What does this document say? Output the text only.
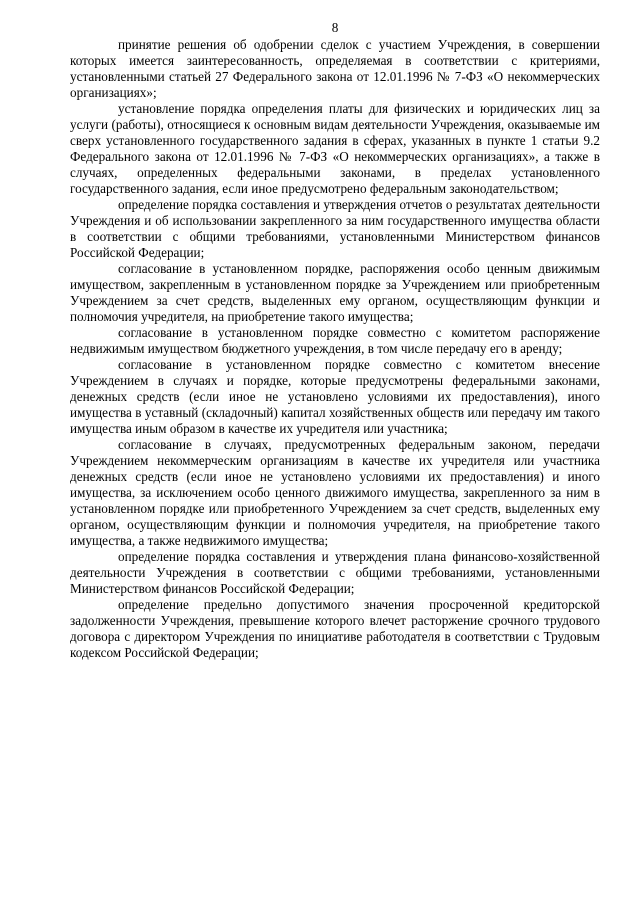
8

принятие решения об одобрении сделок с участием Учреждения, в совершении которых имеется заинтересованность, определяемая в соответствии с критериями, установленными статьей 27 Федерального закона от 12.01.1996 № 7-ФЗ «О некоммерческих организациях»;

установление порядка определения платы для физических и юридических лиц за услуги (работы), относящиеся к основным видам деятельности Учреждения, оказываемые им сверх установленного государственного задания в сферах, указанных в пункте 1 статьи 9.2 Федерального закона от 12.01.1996 № 7-ФЗ «О некоммерческих организациях», а также в случаях, определенных федеральными законами, в пределах установленного государственного задания, если иное предусмотрено федеральным законодательством;

определение порядка составления и утверждения отчетов о результатах деятельности Учреждения и об использовании закрепленного за ним государственного имущества области в соответствии с общими требованиями, установленными Министерством финансов Российской Федерации;

согласование в установленном порядке, распоряжения особо ценным движимым имуществом, закрепленным в установленном порядке за Учреждением или приобретенным Учреждением за счет средств, выделенных ему органом, осуществляющим функции и полномочия учредителя, на приобретение такого имущества;

согласование в установленном порядке совместно с комитетом распоряжение недвижимым имуществом бюджетного учреждения, в том числе передачу его в аренду;

согласование в установленном порядке совместно с комитетом внесение Учреждением в случаях и порядке, которые предусмотрены федеральными законами, денежных средств (если иное не установлено условиями их предоставления), иного имущества в уставный (складочный) капитал хозяйственных обществ или передачу им такого имущества иным образом в качестве их учредителя или участника;

согласование в случаях, предусмотренных федеральным законом, передачи Учреждением некоммерческим организациям в качестве их учредителя или участника денежных средств (если иное не установлено условиями их предоставления) и иного имущества, за исключением особо ценного движимого имущества, закрепленного за ним в установленном порядке или приобретенного Учреждением за счет средств, выделенных ему органом, осуществляющим функции и полномочия учредителя, на приобретение такого имущества, а также недвижимого имущества;

определение порядка составления и утверждения плана финансово-хозяйственной деятельности Учреждения в соответствии с общими требованиями, установленными Министерством финансов Российской Федерации;

определение предельно допустимого значения просроченной кредиторской задолженности Учреждения, превышение которого влечет расторжение срочного трудового договора с директором Учреждения по инициативе работодателя в соответствии с Трудовым кодексом Российской Федерации;
